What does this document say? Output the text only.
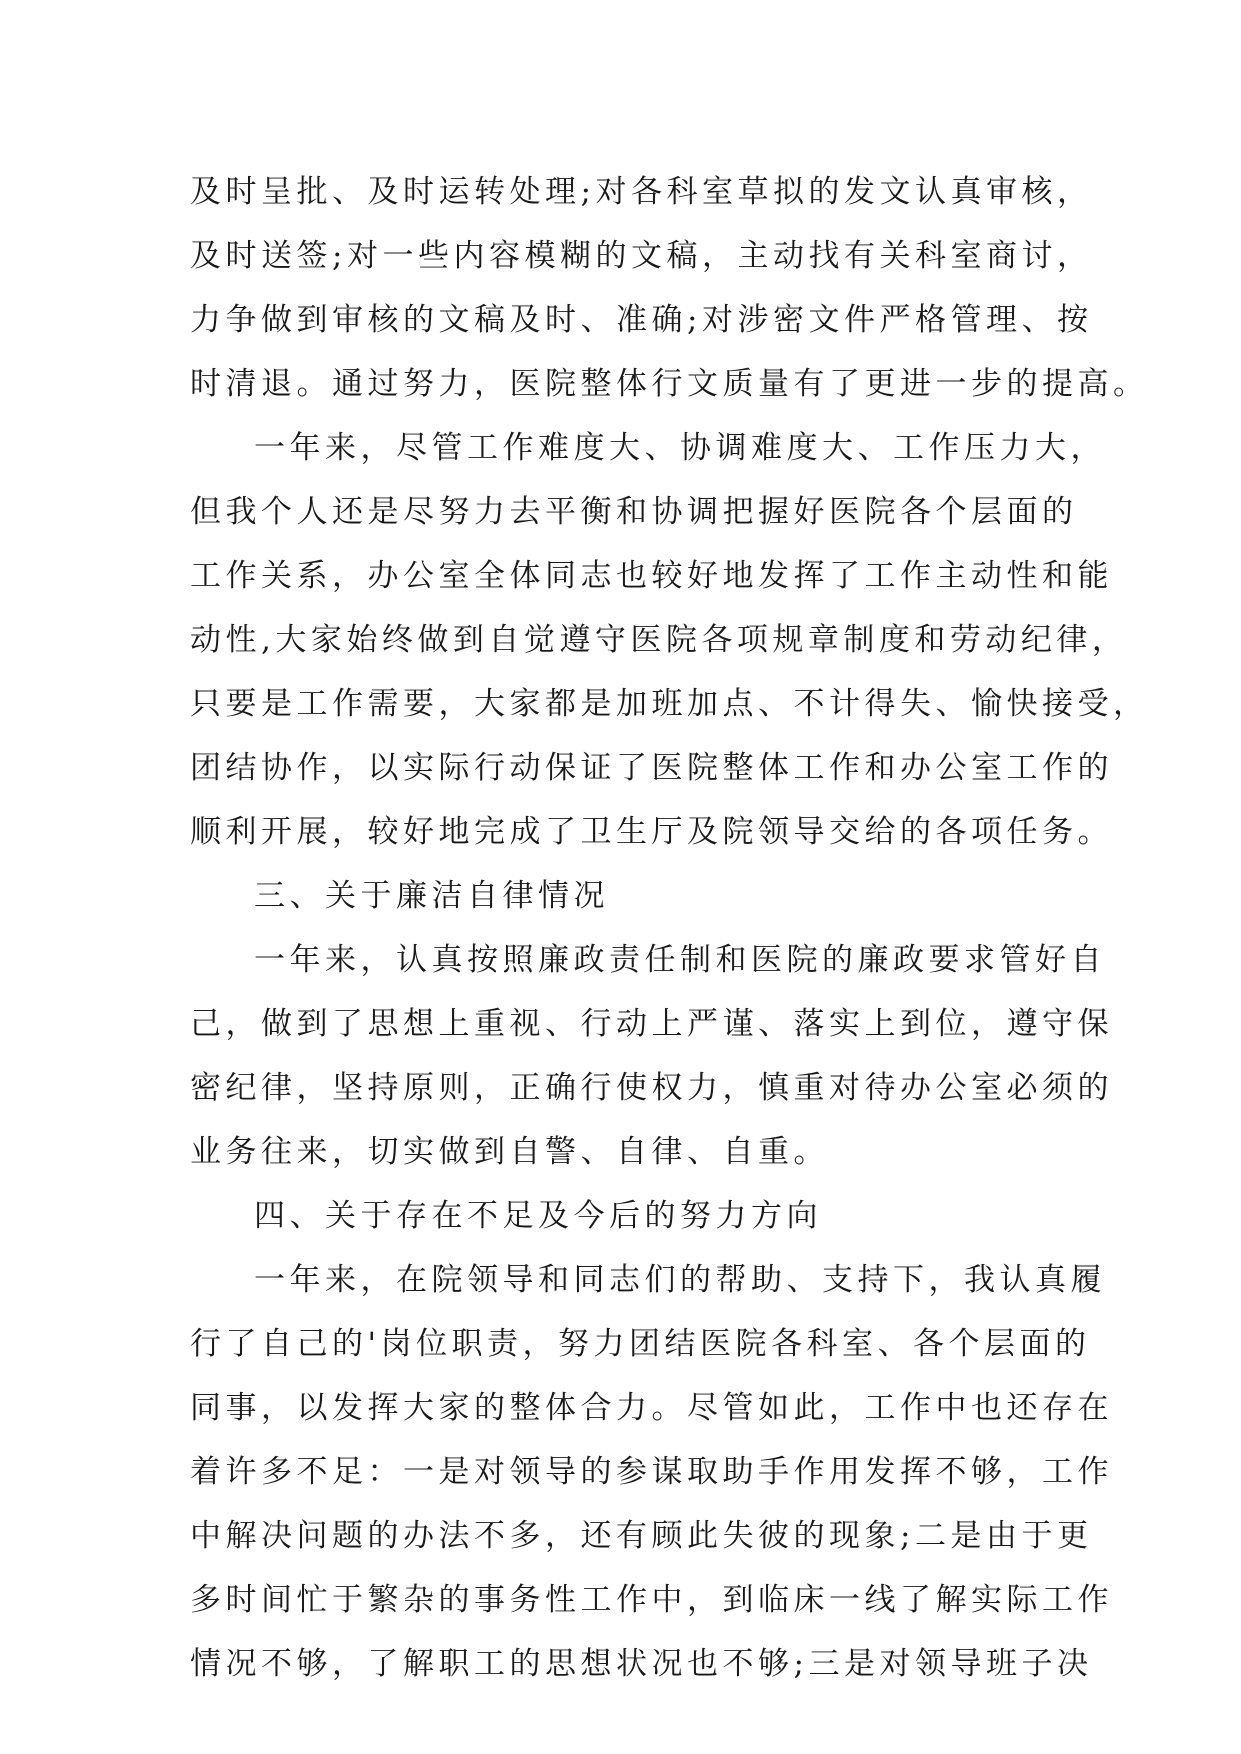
及时呈批、及时运转处理;对各科室草拟的发文认真审核，
及时送签;对一些内容模糊的文稿，主动找有关科室商讨，
力争做到审核的文稿及时、准确;对涉密文件严格管理、按
时清退。通过努力，医院整体行文质量有了更进一步的提高。
一年来，尽管工作难度大、协调难度大、工作压力大，
但我个人还是尽努力去平衡和协调把握好医院各个层面的
工作关系，办公室全体同志也较好地发挥了工作主动性和能
动性,大家始终做到自觉遵守医院各项规章制度和劳动纪律，
只要是工作需要，大家都是加班加点、不计得失、愉快接受，
团结协作，以实际行动保证了医院整体工作和办公室工作的
顺利开展，较好地完成了卫生厅及院领导交给的各项任务。
三、关于廉洁自律情况
一年来，认真按照廉政责任制和医院的廉政要求管好自
己，做到了思想上重视、行动上严谨、落实上到位，遵守保
密纪律，坚持原则，正确行使权力，慎重对待办公室必须的
业务往来，切实做到自警、自律、自重。
四、关于存在不足及今后的努力方向
一年来，在院领导和同志们的帮助、支持下，我认真履
行了自己的'岗位职责，努力团结医院各科室、各个层面的
同事，以发挥大家的整体合力。尽管如此，工作中也还存在
着许多不足：一是对领导的参谋取助手作用发挥不够，工作
中解决问题的办法不多，还有顾此失彼的现象;二是由于更
多时间忙于繁杂的事务性工作中，到临床一线了解实际工作
情况不够，了解职工的思想状况也不够;三是对领导班子决
